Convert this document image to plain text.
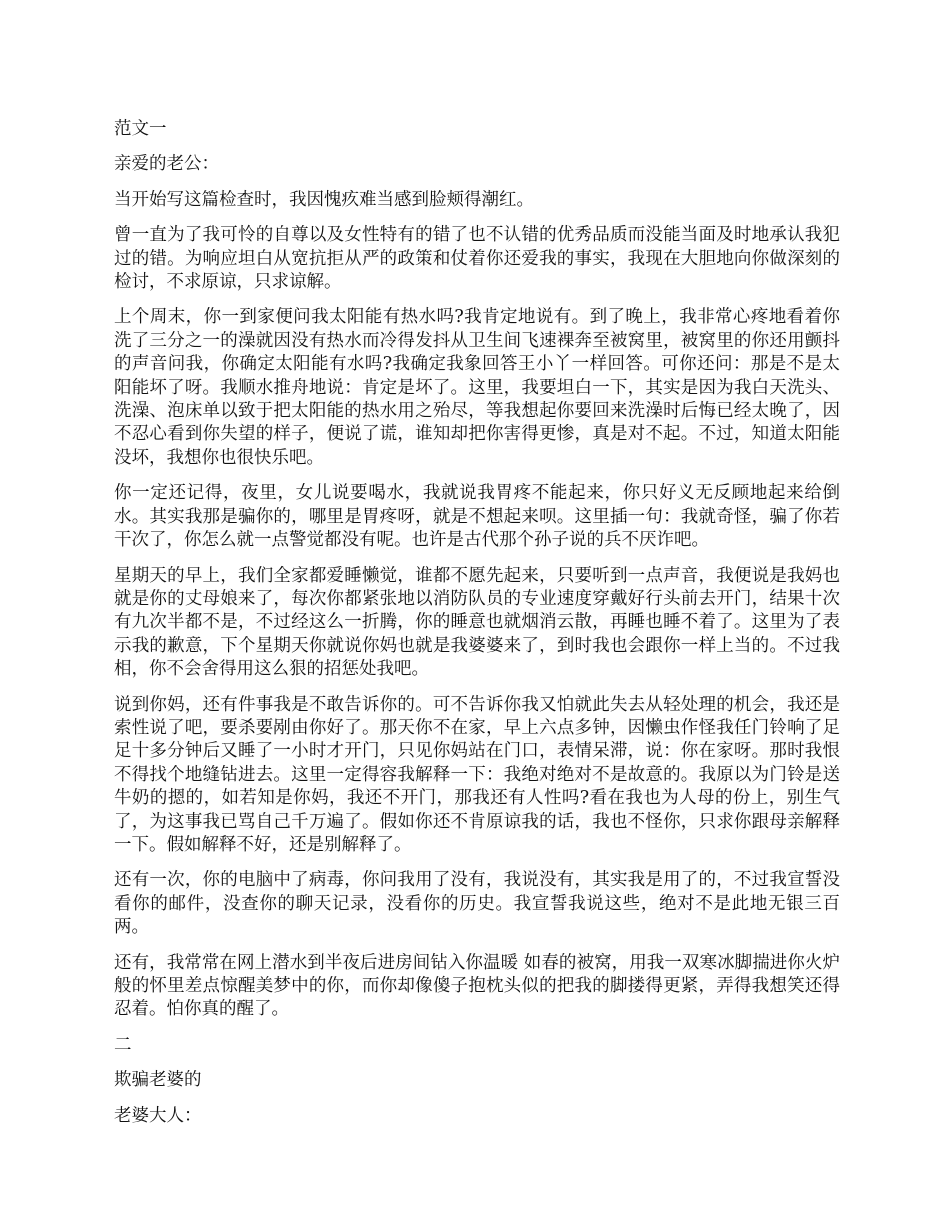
范文一

亲爱的老公：

当开始写这篇检查时，我因愧疚难当感到脸颊得潮红。

曾一直为了我可怜的自尊以及女性特有的错了也不认错的优秀品质而没能当面及时地承认我犯过的错。为响应坦白从宽抗拒从严的政策和仗着你还爱我的事实，我现在大胆地向你做深刻的检讨，不求原谅，只求谅解。

上个周末，你一到家便问我太阳能有热水吗?我肯定地说有。到了晚上，我非常心疼地看着你洗了三分之一的澡就因没有热水而冷得发抖从卫生间飞速裸奔至被窝里，被窝里的你还用颤抖的声音问我，你确定太阳能有水吗?我确定我象回答王小丫一样回答。可你还问：那是不是太阳能坏了呀。我顺水推舟地说：肯定是坏了。这里，我要坦白一下，其实是因为我白天洗头、洗澡、泡床单以致于把太阳能的热水用之殆尽，等我想起你要回来洗澡时后悔已经太晚了，因不忍心看到你失望的样子，便说了谎，谁知却把你害得更惨，真是对不起。不过，知道太阳能没坏，我想你也很快乐吧。

你一定还记得，夜里，女儿说要喝水，我就说我胃疼不能起来，你只好义无反顾地起来给倒水。其实我那是骗你的，哪里是胃疼呀，就是不想起来呗。这里插一句：我就奇怪，骗了你若干次了，你怎么就一点警觉都没有呢。也许是古代那个孙子说的兵不厌诈吧。

星期天的早上，我们全家都爱睡懒觉，谁都不愿先起来，只要听到一点声音，我便说是我妈也就是你的丈母娘来了，每次你都紧张地以消防队员的专业速度穿戴好行头前去开门，结果十次有九次半都不是，不过经这么一折腾，你的睡意也就烟消云散，再睡也睡不着了。这里为了表示我的歉意，下个星期天你就说你妈也就是我婆婆来了，到时我也会跟你一样上当的。不过我相，你不会舍得用这么狠的招惩处我吧。

说到你妈，还有件事我是不敢告诉你的。可不告诉你我又怕就此失去从轻处理的机会，我还是索性说了吧，要杀要剐由你好了。那天你不在家，早上六点多钟，因懒虫作怪我任门铃响了足足十多分钟后又睡了一小时才开门，只见你妈站在门口，表情呆滞，说：你在家呀。那时我恨不得找个地缝钻进去。这里一定得容我解释一下：我绝对绝对不是故意的。我原以为门铃是送牛奶的摁的，如若知是你妈，我还不开门，那我还有人性吗?看在我也为人母的份上，别生气了，为这事我已骂自己千万遍了。假如你还不肯原谅我的话，我也不怪你，只求你跟母亲解释一下。假如解释不好，还是别解释了。

还有一次，你的电脑中了病毒，你问我用了没有，我说没有，其实我是用了的，不过我宣誓没看你的邮件，没查你的聊天记录，没看你的历史。我宣誓我说这些，绝对不是此地无银三百两。

还有，我常常在网上潜水到半夜后进房间钻入你温暖 如春的被窝，用我一双寒冰脚揣进你火炉般的怀里差点惊醒美梦中的你，而你却像傻子抱枕头似的把我的脚搂得更紧，弄得我想笑还得忍着。怕你真的醒了。

二

欺骗老婆的

老婆大人：
